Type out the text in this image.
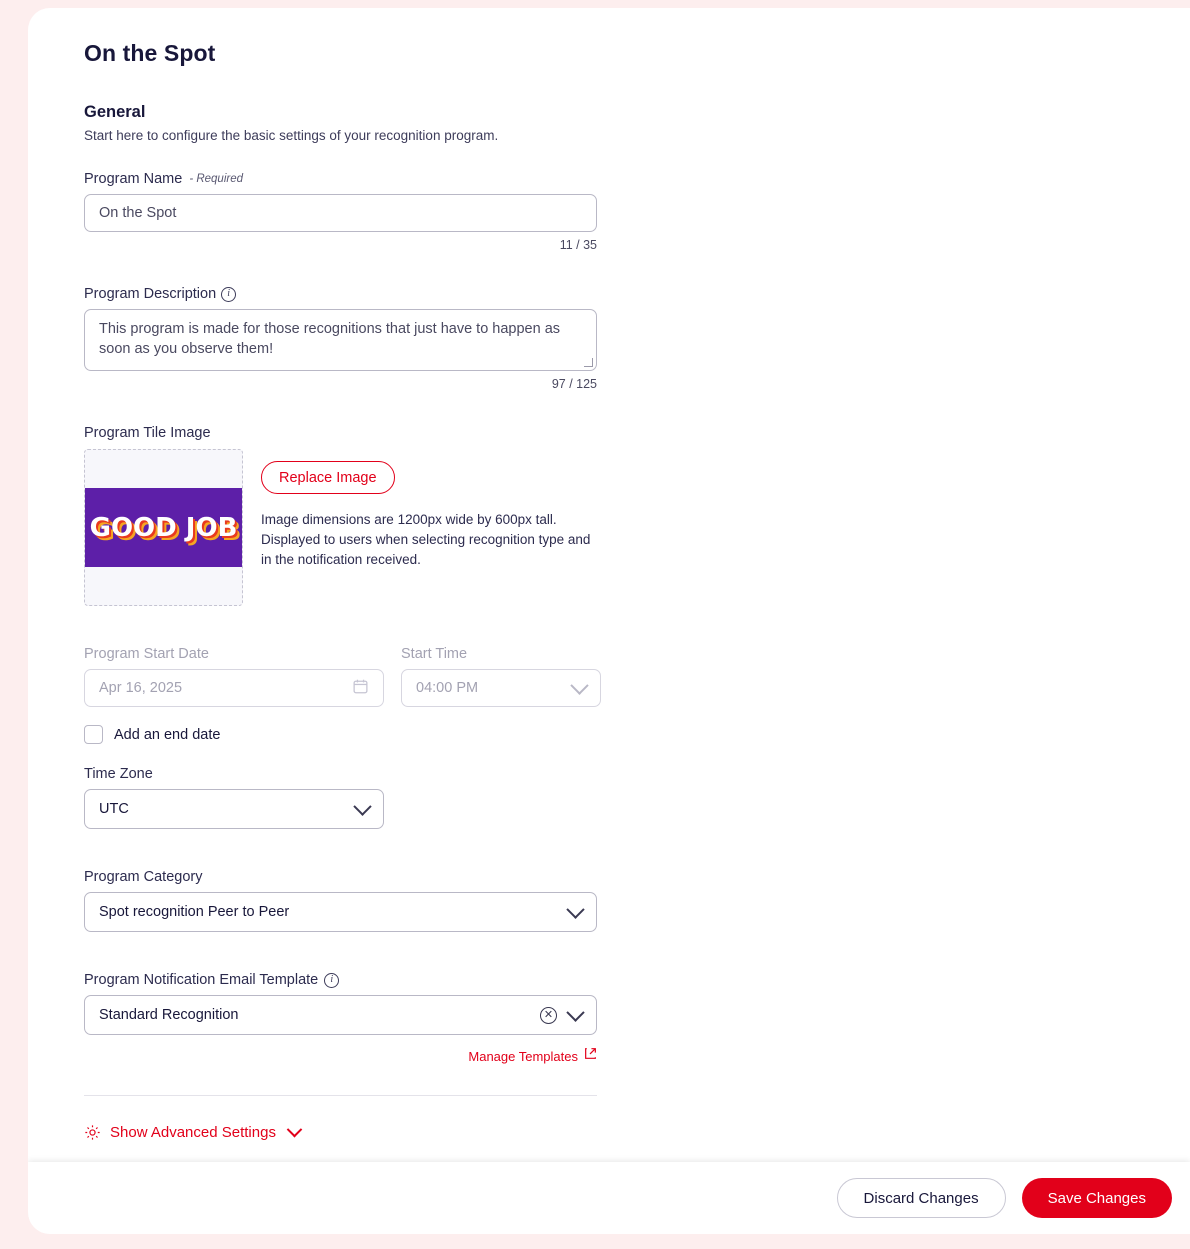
On the Spot
General

Start here to configure the basic settings of your recognition program.

Program Name - Required
On the Spot
11 / 35
Program Description	i
This program is made for those recognitions that just have to happen as soon as you observe them!
97 / 125
Program Tile Image
GOOD JOB
Replace Image
Image dimensions are 1200px wide by 600px tall. Displayed to users when selecting recognition type and in the notification received.
Program Start Date
Apr 16, 2025
Start Time
04:00 PM
Add an end date
Time Zone
UTC
Program Category
Spot recognition Peer to Peer
Program Notification Email Template	i
Standard Recognition	✕
Manage Templates
Show Advanced Settings
Discard Changes	Save Changes
